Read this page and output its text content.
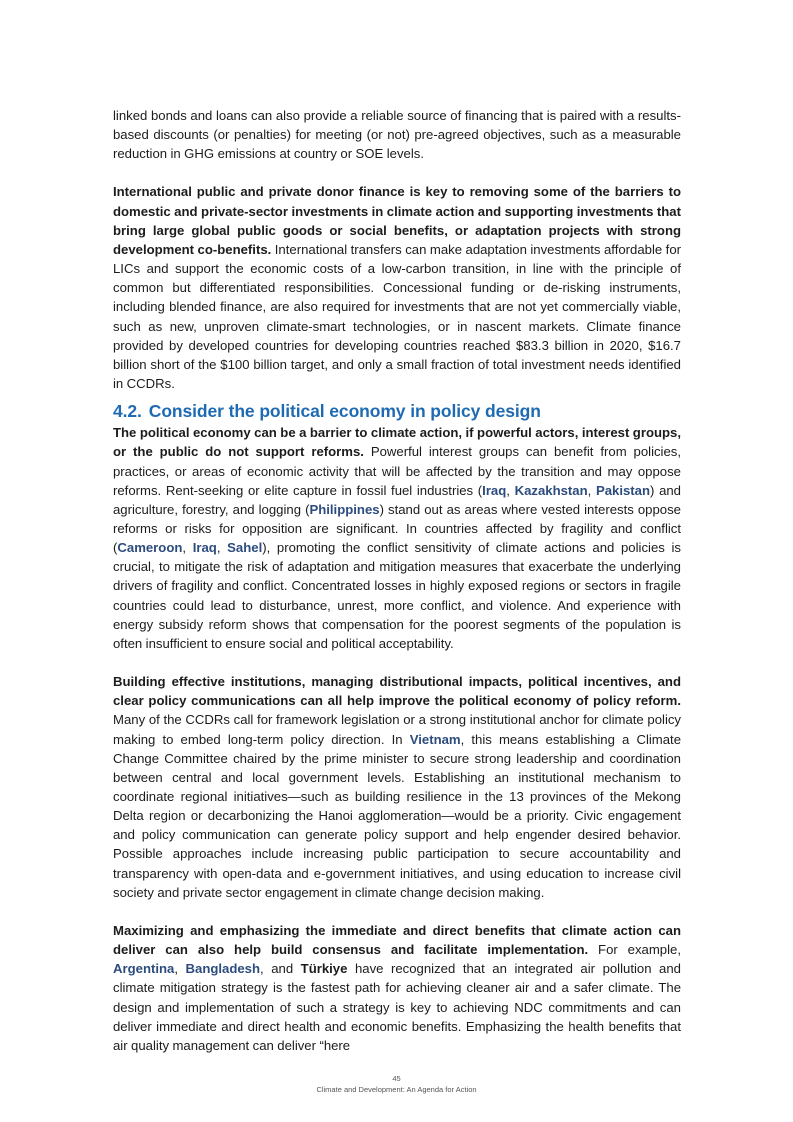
linked bonds and loans can also provide a reliable source of financing that is paired with a results-based discounts (or penalties) for meeting (or not) pre-agreed objectives, such as a measurable reduction in GHG emissions at country or SOE levels.

International public and private donor finance is key to removing some of the barriers to domestic and private-sector investments in climate action and supporting investments that bring large global public goods or social benefits, or adaptation projects with strong development co-benefits. International transfers can make adaptation investments affordable for LICs and support the economic costs of a low-carbon transition, in line with the principle of common but differentiated responsibilities. Concessional funding or de-risking instruments, including blended finance, are also required for investments that are not yet commercially viable, such as new, unproven climate-smart technologies, or in nascent markets. Climate finance provided by developed countries for developing countries reached $83.3 billion in 2020, $16.7 billion short of the $100 billion target, and only a small fraction of total investment needs identified in CCDRs.

4.2. Consider the political economy in policy design

The political economy can be a barrier to climate action, if powerful actors, interest groups, or the public do not support reforms. Powerful interest groups can benefit from policies, practices, or areas of economic activity that will be affected by the transition and may oppose reforms. Rent-seeking or elite capture in fossil fuel industries (Iraq, Kazakhstan, Pakistan) and agriculture, forestry, and logging (Philippines) stand out as areas where vested interests oppose reforms or risks for opposition are significant. In countries affected by fragility and conflict (Cameroon, Iraq, Sahel), promoting the conflict sensitivity of climate actions and policies is crucial, to mitigate the risk of adaptation and mitigation measures that exacerbate the underlying drivers of fragility and conflict. Concentrated losses in highly exposed regions or sectors in fragile countries could lead to disturbance, unrest, more conflict, and violence. And experience with energy subsidy reform shows that compensation for the poorest segments of the population is often insufficient to ensure social and political acceptability.

Building effective institutions, managing distributional impacts, political incentives, and clear policy communications can all help improve the political economy of policy reform. Many of the CCDRs call for framework legislation or a strong institutional anchor for climate policy making to embed long-term policy direction. In Vietnam, this means establishing a Climate Change Committee chaired by the prime minister to secure strong leadership and coordination between central and local government levels. Establishing an institutional mechanism to coordinate regional initiatives—such as building resilience in the 13 provinces of the Mekong Delta region or decarbonizing the Hanoi agglomeration—would be a priority. Civic engagement and policy communication can generate policy support and help engender desired behavior. Possible approaches include increasing public participation to secure accountability and transparency with open-data and e-government initiatives, and using education to increase civil society and private sector engagement in climate change decision making.

Maximizing and emphasizing the immediate and direct benefits that climate action can deliver can also help build consensus and facilitate implementation. For example, Argentina, Bangladesh, and Türkiye have recognized that an integrated air pollution and climate mitigation strategy is the fastest path for achieving cleaner air and a safer climate. The design and implementation of such a strategy is key to achieving NDC commitments and can deliver immediate and direct health and economic benefits. Emphasizing the health benefits that air quality management can deliver “here

45
Climate and Development: An Agenda for Action
